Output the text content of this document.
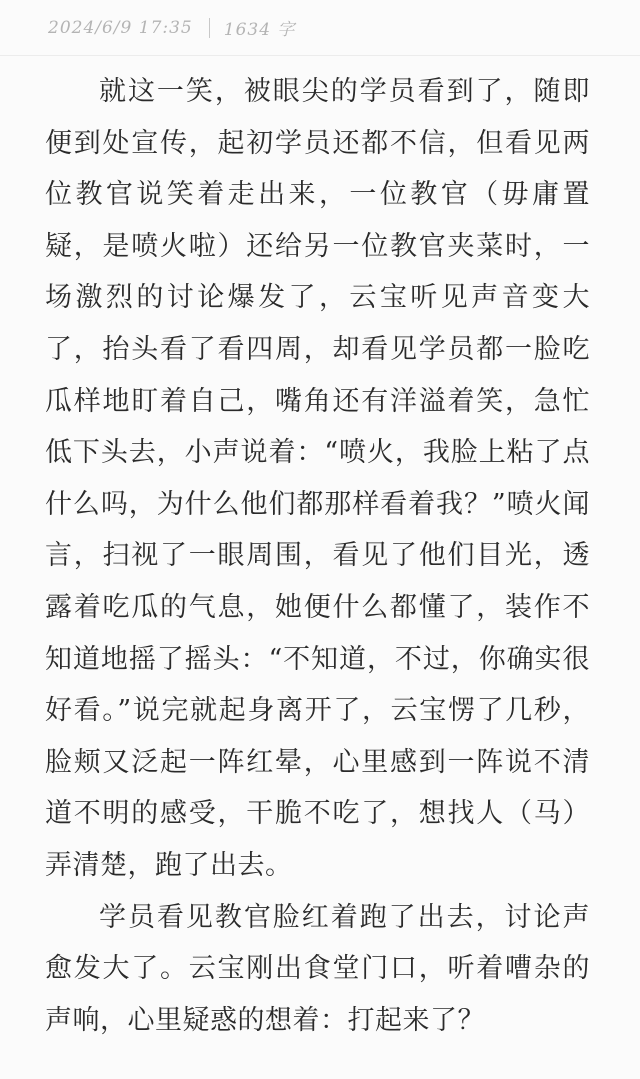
2024/6/9 17:35 1634 字

就这一笑，被眼尖的学员看到了，随即便到处宣传，起初学员还都不信，但看见两位教官说笑着走出来，一位教官（毋庸置疑，是喷火啦）还给另一位教官夹菜时，一场激烈的讨论爆发了，云宝听见声音变大了，抬头看了看四周，却看见学员都一脸吃瓜样地盯着自己，嘴角还有洋溢着笑，急忙低下头去，小声说着：“喷火，我脸上粘了点什么吗，为什么他们都那样看着我？”喷火闻言，扫视了一眼周围，看见了他们目光，透露着吃瓜的气息，她便什么都懂了，装作不知道地摇了摇头：“不知道，不过，你确实很好看。”说完就起身离开了，云宝愣了几秒，脸颊又泛起一阵红晕，心里感到一阵说不清道不明的感受，干脆不吃了，想找人（马）弄清楚，跑了出去。

学员看见教官脸红着跑了出去，讨论声愈发大了。云宝刚出食堂门口，听着嘈杂的声响，心里疑惑的想着：打起来了？
